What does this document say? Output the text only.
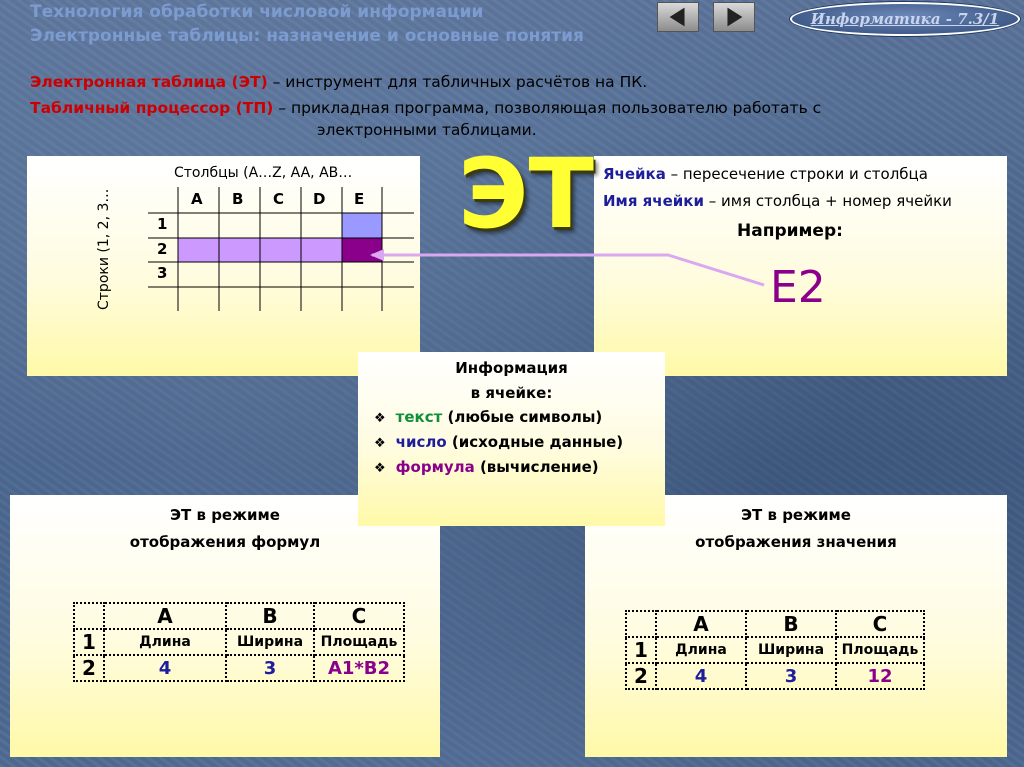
Технология обработки числовой информации
Электронные таблицы: назначение и основные понятия
Информатика - 7.3/1
Электронная таблица (ЭТ) – инструмент для табличных расчётов на ПК.
Табличный процессор (ТП) – прикладная программа, позволяющая пользователю работать с
электронными таблицами.
Столбцы (A…Z, AA, AB…
Строки (1, 2, 3…	A B C D E
1
2
3
ЭТ Ячейка – пересечение строки и столбца
Имя ячейки – имя столбца + номер ячейки
Например:
E2
Информация
в ячейке:
❖ текст (любые символы)
❖ число (исходные данные)
❖ формула (вычисление)
ЭТ в режиме
отображения формул
	A	B	C
1	Длина	Ширина	Площадь
2	4	3	A1*B2
ЭТ в режиме
отображения значения
	A	B	C
1	Длина	Ширина	Площадь
2	4	3	12
